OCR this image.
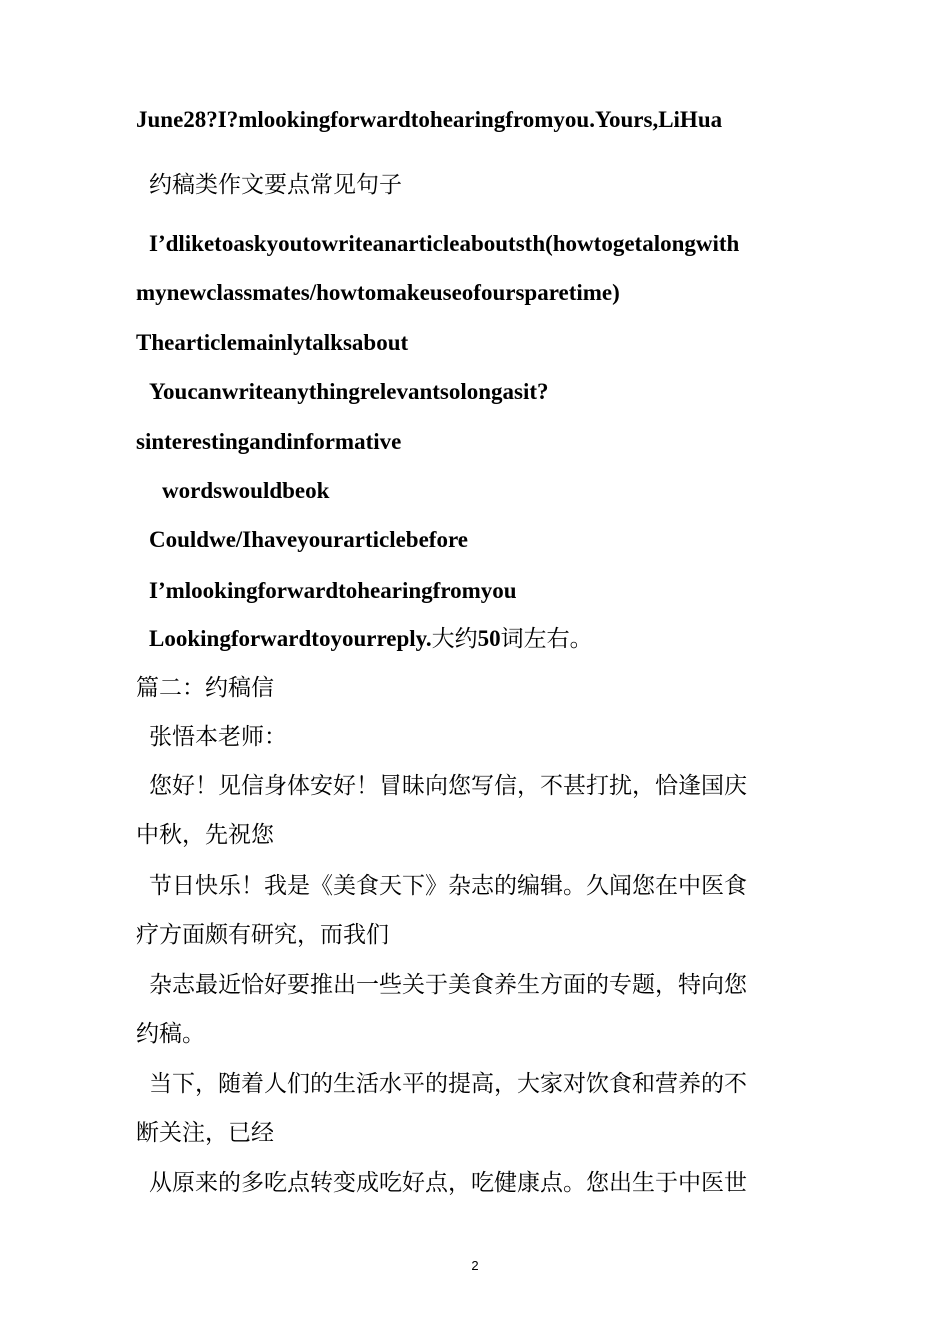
June28?I?mlookingforwardtohearingfromyou.Yours,LiHua
约稿类作文要点常见句子
I’dliketoaskyoutowriteanarticleaboutsth(howtogetalongwith
mynewclassmates/howtomakeuseofoursparetime)
Thearticlemainlytalksabout
Youcanwriteanythingrelevantsolongasit?
sinterestingandinformative
wordswouldbeok
Couldwe/Ihaveyourarticlebefore
I’mlookingforwardtohearingfromyou
Lookingforwardtoyourreply.大约50词左右。
篇二：约稿信
张悟本老师：
您好！见信身体安好！冒昧向您写信，不甚打扰，恰逢国庆
中秋，先祝您
节日快乐！我是《美食天下》杂志的编辑。久闻您在中医食
疗方面颇有研究，而我们
杂志最近恰好要推出一些关于美食养生方面的专题，特向您
约稿。
当下，随着人们的生活水平的提高，大家对饮食和营养的不
断关注，已经
从原来的多吃点转变成吃好点，吃健康点。您出生于中医世
2
